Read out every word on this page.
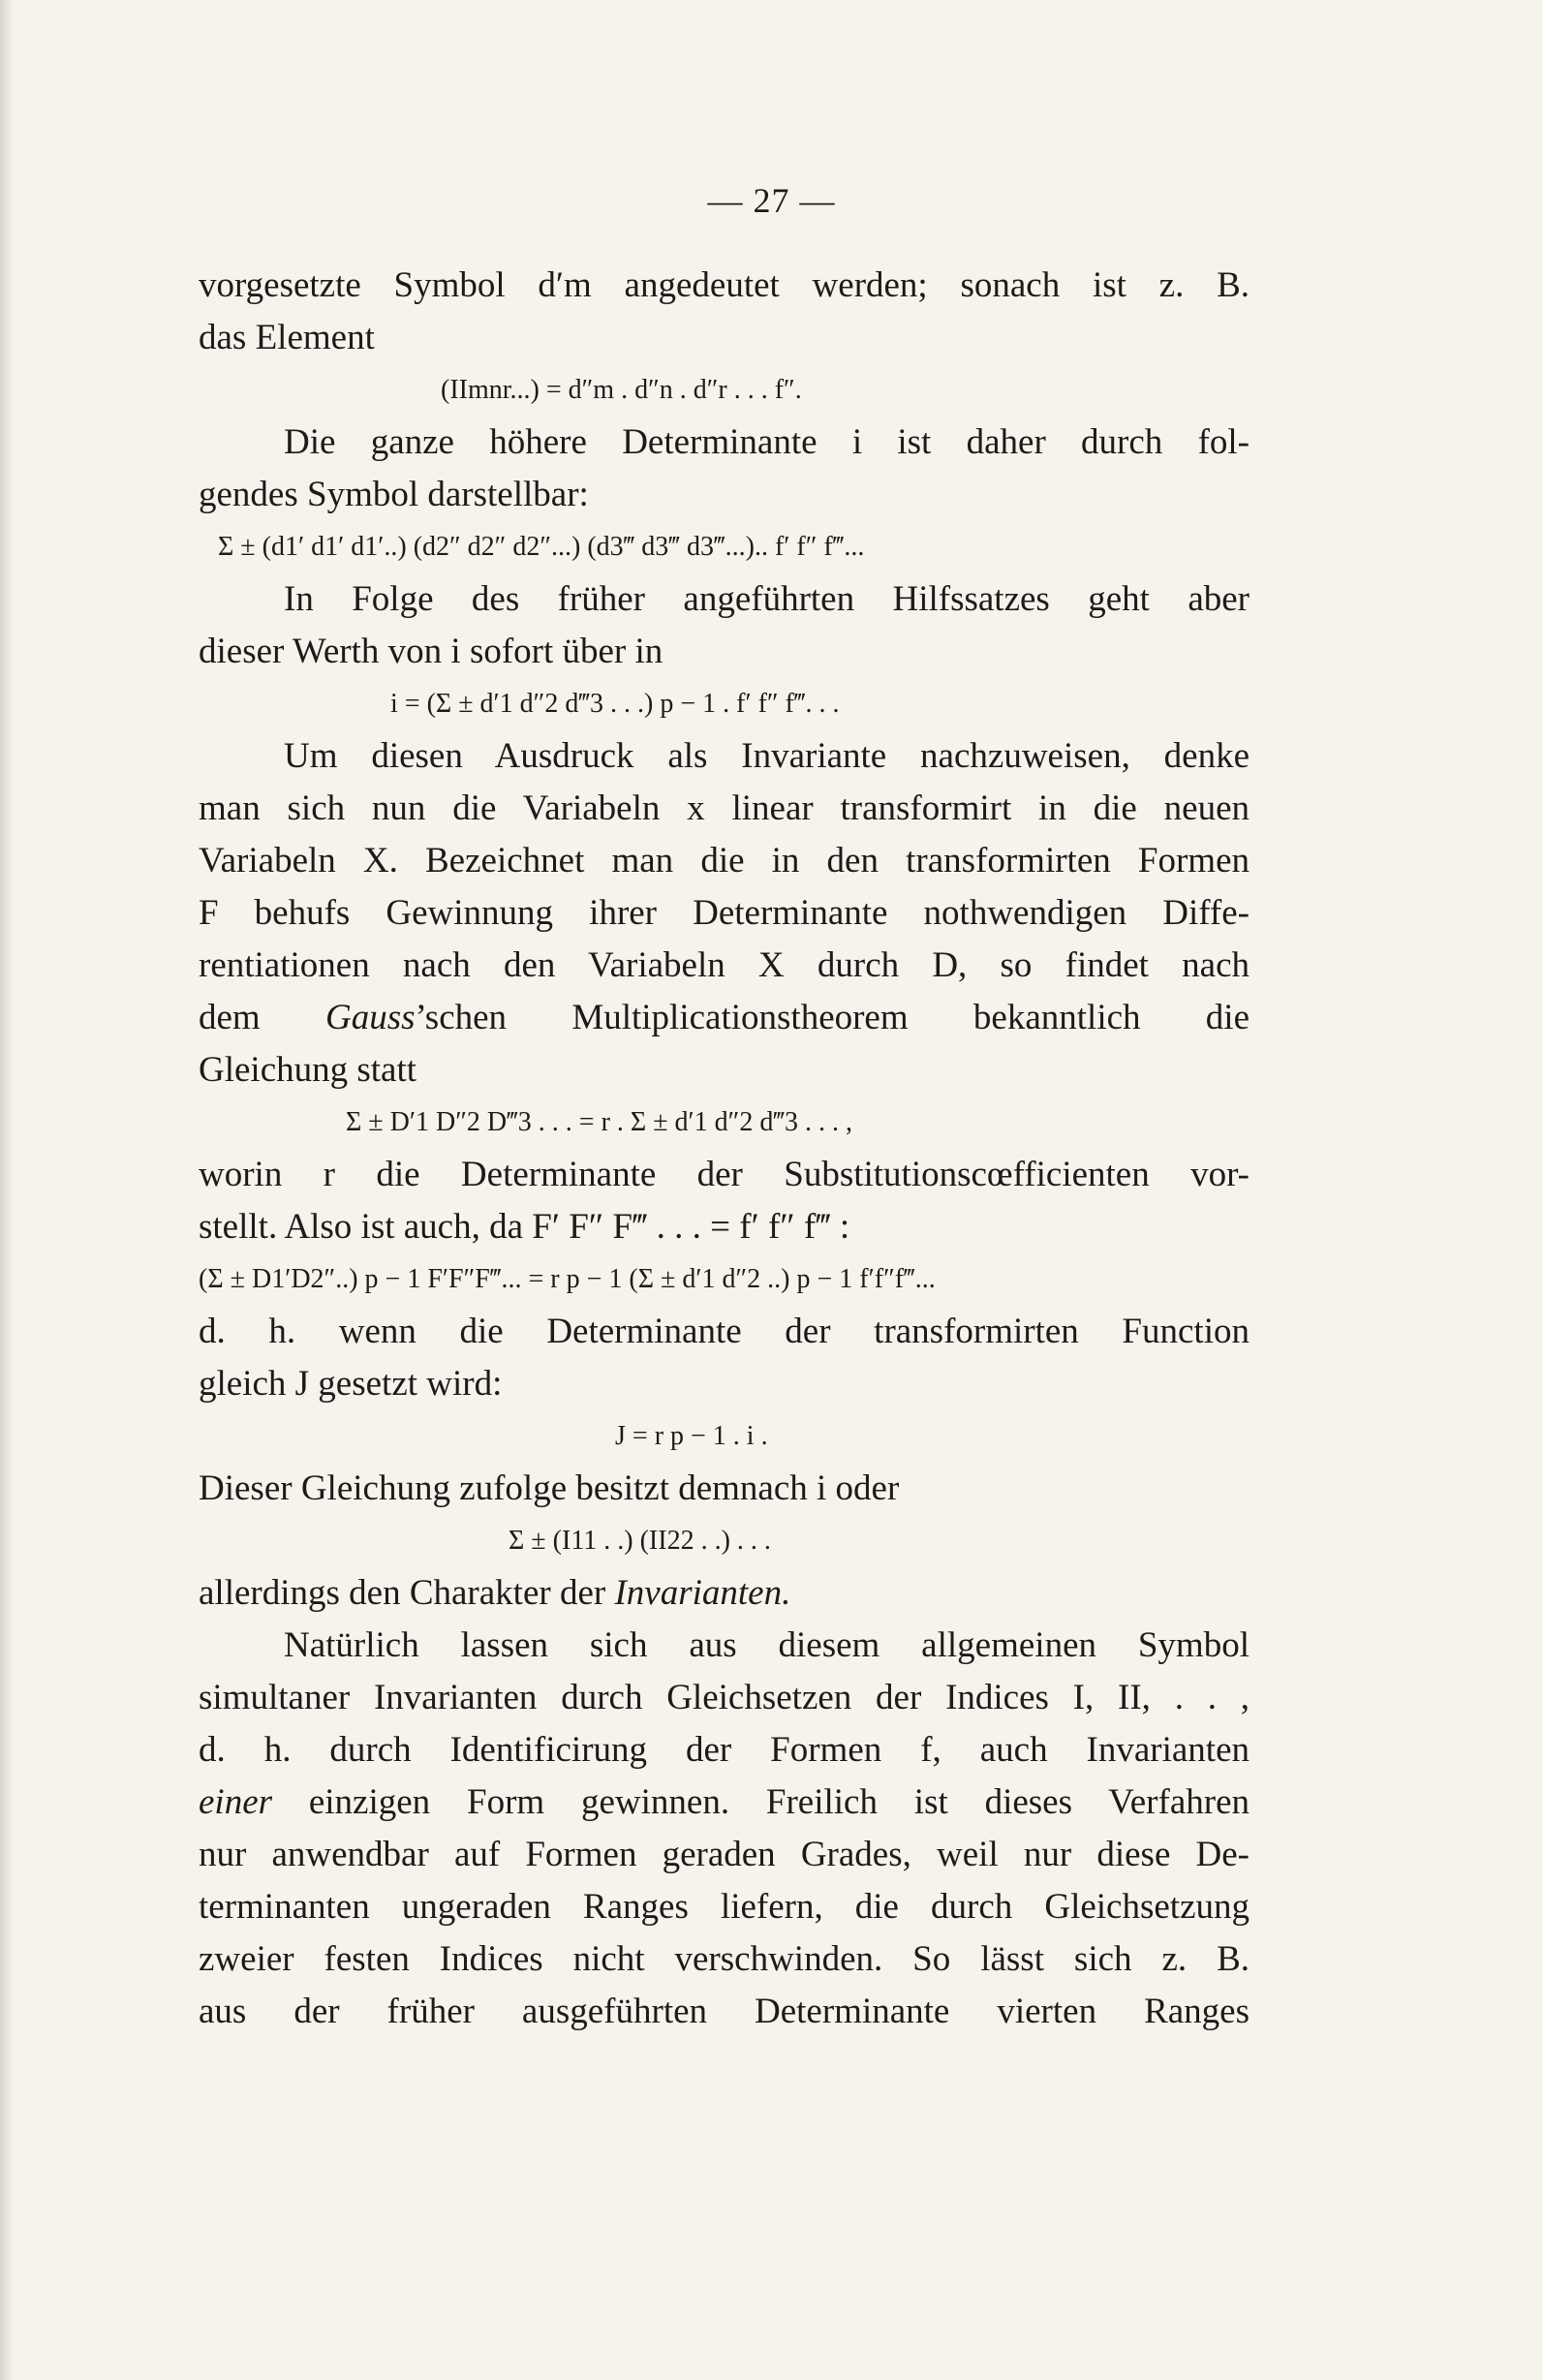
— 27 —

vorgesetzte Symbol d′m angedeutet werden; sonach ist z. B.

das Element

(IImnr...) = d″m . d″n . d″r . . . f″.

Die ganze höhere Determinante i ist daher durch fol-

gendes Symbol darstellbar:

Σ ± (d1′ d1′ d1′..) (d2″ d2″ d2″...) (d3‴ d3‴ d3‴...).. f′ f″ f‴...

In Folge des früher angeführten Hilfssatzes geht aber

dieser Werth von i sofort über in

i = (Σ ± d′1 d″2 d‴3 . . .) p − 1 . f′ f″ f‴. . .

Um diesen Ausdruck als Invariante nachzuweisen, denke

man sich nun die Variabeln x linear transformirt in die neuen

Variabeln X. Bezeichnet man die in den transformirten Formen

F behufs Gewinnung ihrer Determinante nothwendigen Diffe-

rentiationen nach den Variabeln X durch D, so findet nach

dem Gauss’schen Multiplicationstheorem bekanntlich die

Gleichung statt

Σ ± D′1 D″2 D‴3 . . . = r . Σ ± d′1 d″2 d‴3 . . . ,

worin r die Determinante der Substitutionscœfficienten vor-

stellt. Also ist auch, da F′ F″ F‴ . . . = f′ f″ f‴ :

(Σ ± D1′D2″..) p − 1 F′F″F‴... = r p − 1 (Σ ± d′1 d″2 ..) p − 1 f′f″f‴...

d. h. wenn die Determinante der transformirten Function

gleich J gesetzt wird:

J = r p − 1 . i .

Dieser Gleichung zufolge besitzt demnach i oder

Σ ± (I11 . .) (II22 . .) . . .

allerdings den Charakter der Invarianten.

Natürlich lassen sich aus diesem allgemeinen Symbol

simultaner Invarianten durch Gleichsetzen der Indices I, II, . . ,

d. h. durch Identificirung der Formen f, auch Invarianten

einer einzigen Form gewinnen. Freilich ist dieses Verfahren

nur anwendbar auf Formen geraden Grades, weil nur diese De-

terminanten ungeraden Ranges liefern, die durch Gleichsetzung

zweier festen Indices nicht verschwinden. So lässt sich z. B.

aus der früher ausgeführten Determinante vierten Ranges
